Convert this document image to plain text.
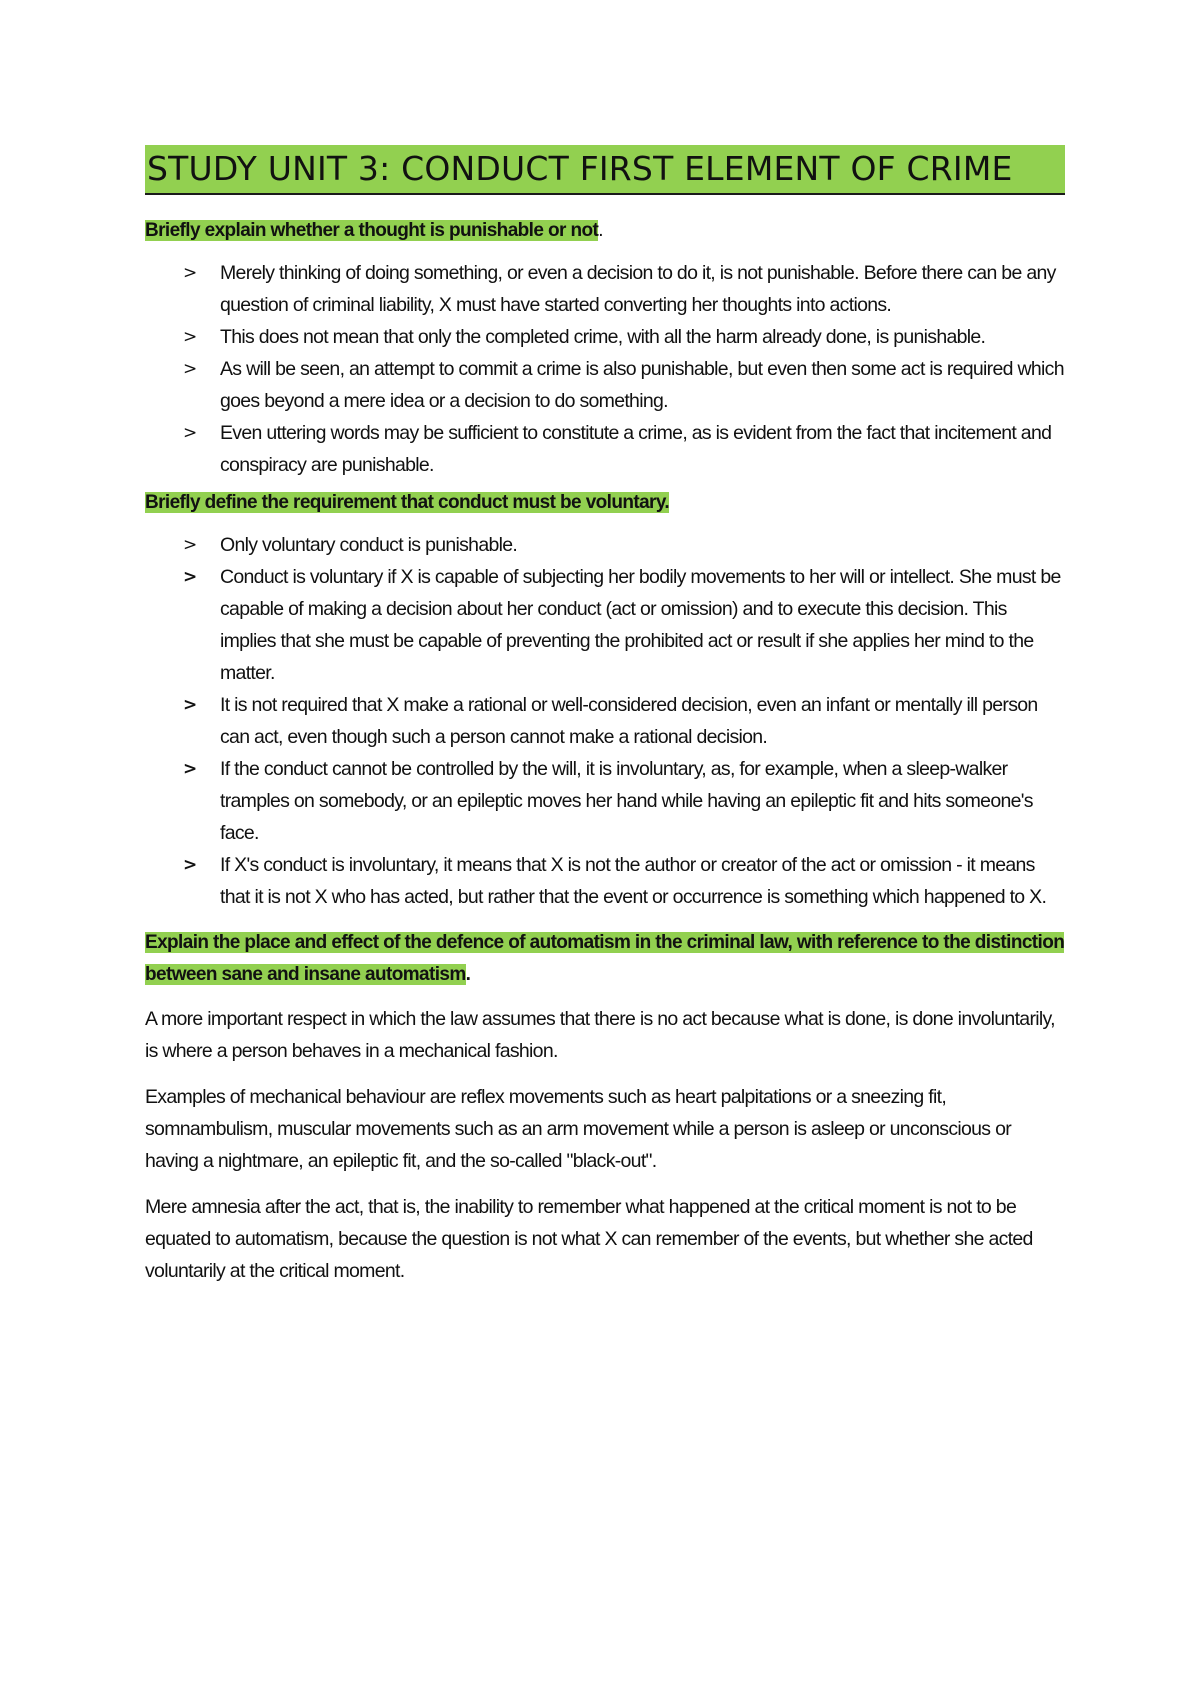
STUDY UNIT 3: CONDUCT FIRST ELEMENT OF CRIME
Briefly explain whether a thought is punishable or not.
> Merely thinking of doing something, or even a decision to do it, is not punishable. Before there can be any question of criminal liability, X must have started converting her thoughts into actions.
> This does not mean that only the completed crime, with all the harm already done, is punishable.
> As will be seen, an attempt to commit a crime is also punishable, but even then some act is required which goes beyond a mere idea or a decision to do something.
> Even uttering words may be sufficient to constitute a crime, as is evident from the fact that incitement and conspiracy are punishable.
Briefly define the requirement that conduct must be voluntary.
> Only voluntary conduct is punishable.
> Conduct is voluntary if X is capable of subjecting her bodily movements to her will or intellect. She must be capable of making a decision about her conduct (act or omission) and to execute this decision. This implies that she must be capable of preventing the prohibited act or result if she applies her mind to the matter.
> It is not required that X make a rational or well-considered decision, even an infant or mentally ill person can act, even though such a person cannot make a rational decision.
> If the conduct cannot be controlled by the will, it is involuntary, as, for example, when a sleep-walker tramples on somebody, or an epileptic moves her hand while having an epileptic fit and hits someone's face.
> If X's conduct is involuntary, it means that X is not the author or creator of the act or omission - it means that it is not X who has acted, but rather that the event or occurrence is something which happened to X.
Explain the place and effect of the defence of automatism in the criminal law, with reference to the distinction between sane and insane automatism.

A more important respect in which the law assumes that there is no act because what is done, is done involuntarily, is where a person behaves in a mechanical fashion.

Examples of mechanical behaviour are reflex movements such as heart palpitations or a sneezing fit, somnambulism, muscular movements such as an arm movement while a person is asleep or unconscious or having a nightmare, an epileptic fit, and the so-called "black-out".

Mere amnesia after the act, that is, the inability to remember what happened at the critical moment is not to be equated to automatism, because the question is not what X can remember of the events, but whether she acted voluntarily at the critical moment.
